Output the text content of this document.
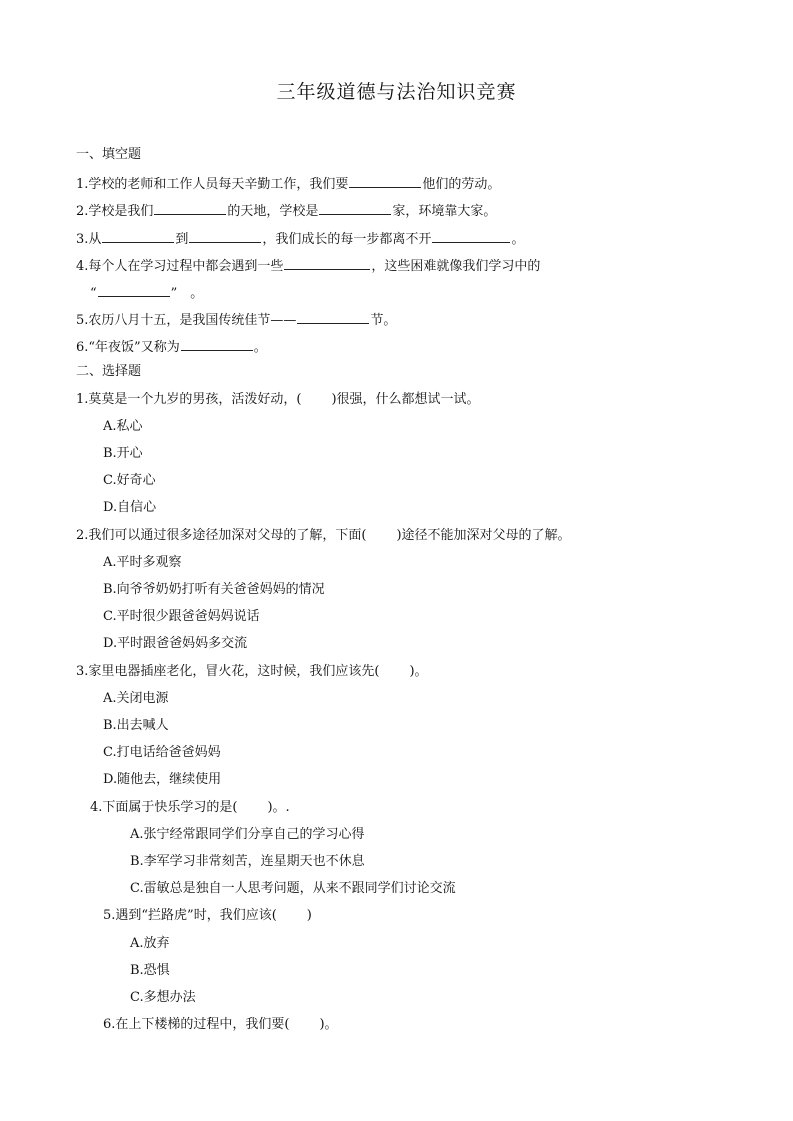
三年级道德与法治知识竞赛
一、填空题
1.学校的老师和工作人员每天辛勤工作，我们要	他们的劳动。
2.学校是我们	的天地，学校是	家，环境靠大家。
3.从	到	，我们成长的每一步都离不开	。
4.每个人在学习过程中都会遇到一些	，这些困难就像我们学习中的
“	”　。
5.农历八月十五，是我国传统佳节——	节。
6.“年夜饭”又称为	。
二、选择题
1.莫莫是一个九岁的男孩，活泼好动，( )很强，什么都想试一试。
A.私心
B.开心
C.好奇心
D.自信心
2.我们可以通过很多途径加深对父母的了解，下面( )途径不能加深对父母的了解。
A.平时多观察
B.向爷爷奶奶打听有关爸爸妈妈的情况
C.平时很少跟爸爸妈妈说话
D.平时跟爸爸妈妈多交流
3.家里电器插座老化，冒火花，这时候，我们应该先( )。
A.关闭电源
B.出去喊人
C.打电话给爸爸妈妈
D.随他去，继续使用
4.下面属于快乐学习的是( )。.
A.张宁经常跟同学们分享自己的学习心得
B.李军学习非常刻苦，连星期天也不休息
C.雷敏总是独自一人思考问题，从来不跟同学们讨论交流
5.遇到“拦路虎”时，我们应该( )
A.放弃
B.恐惧
C.多想办法
6.在上下楼梯的过程中，我们要( )。
